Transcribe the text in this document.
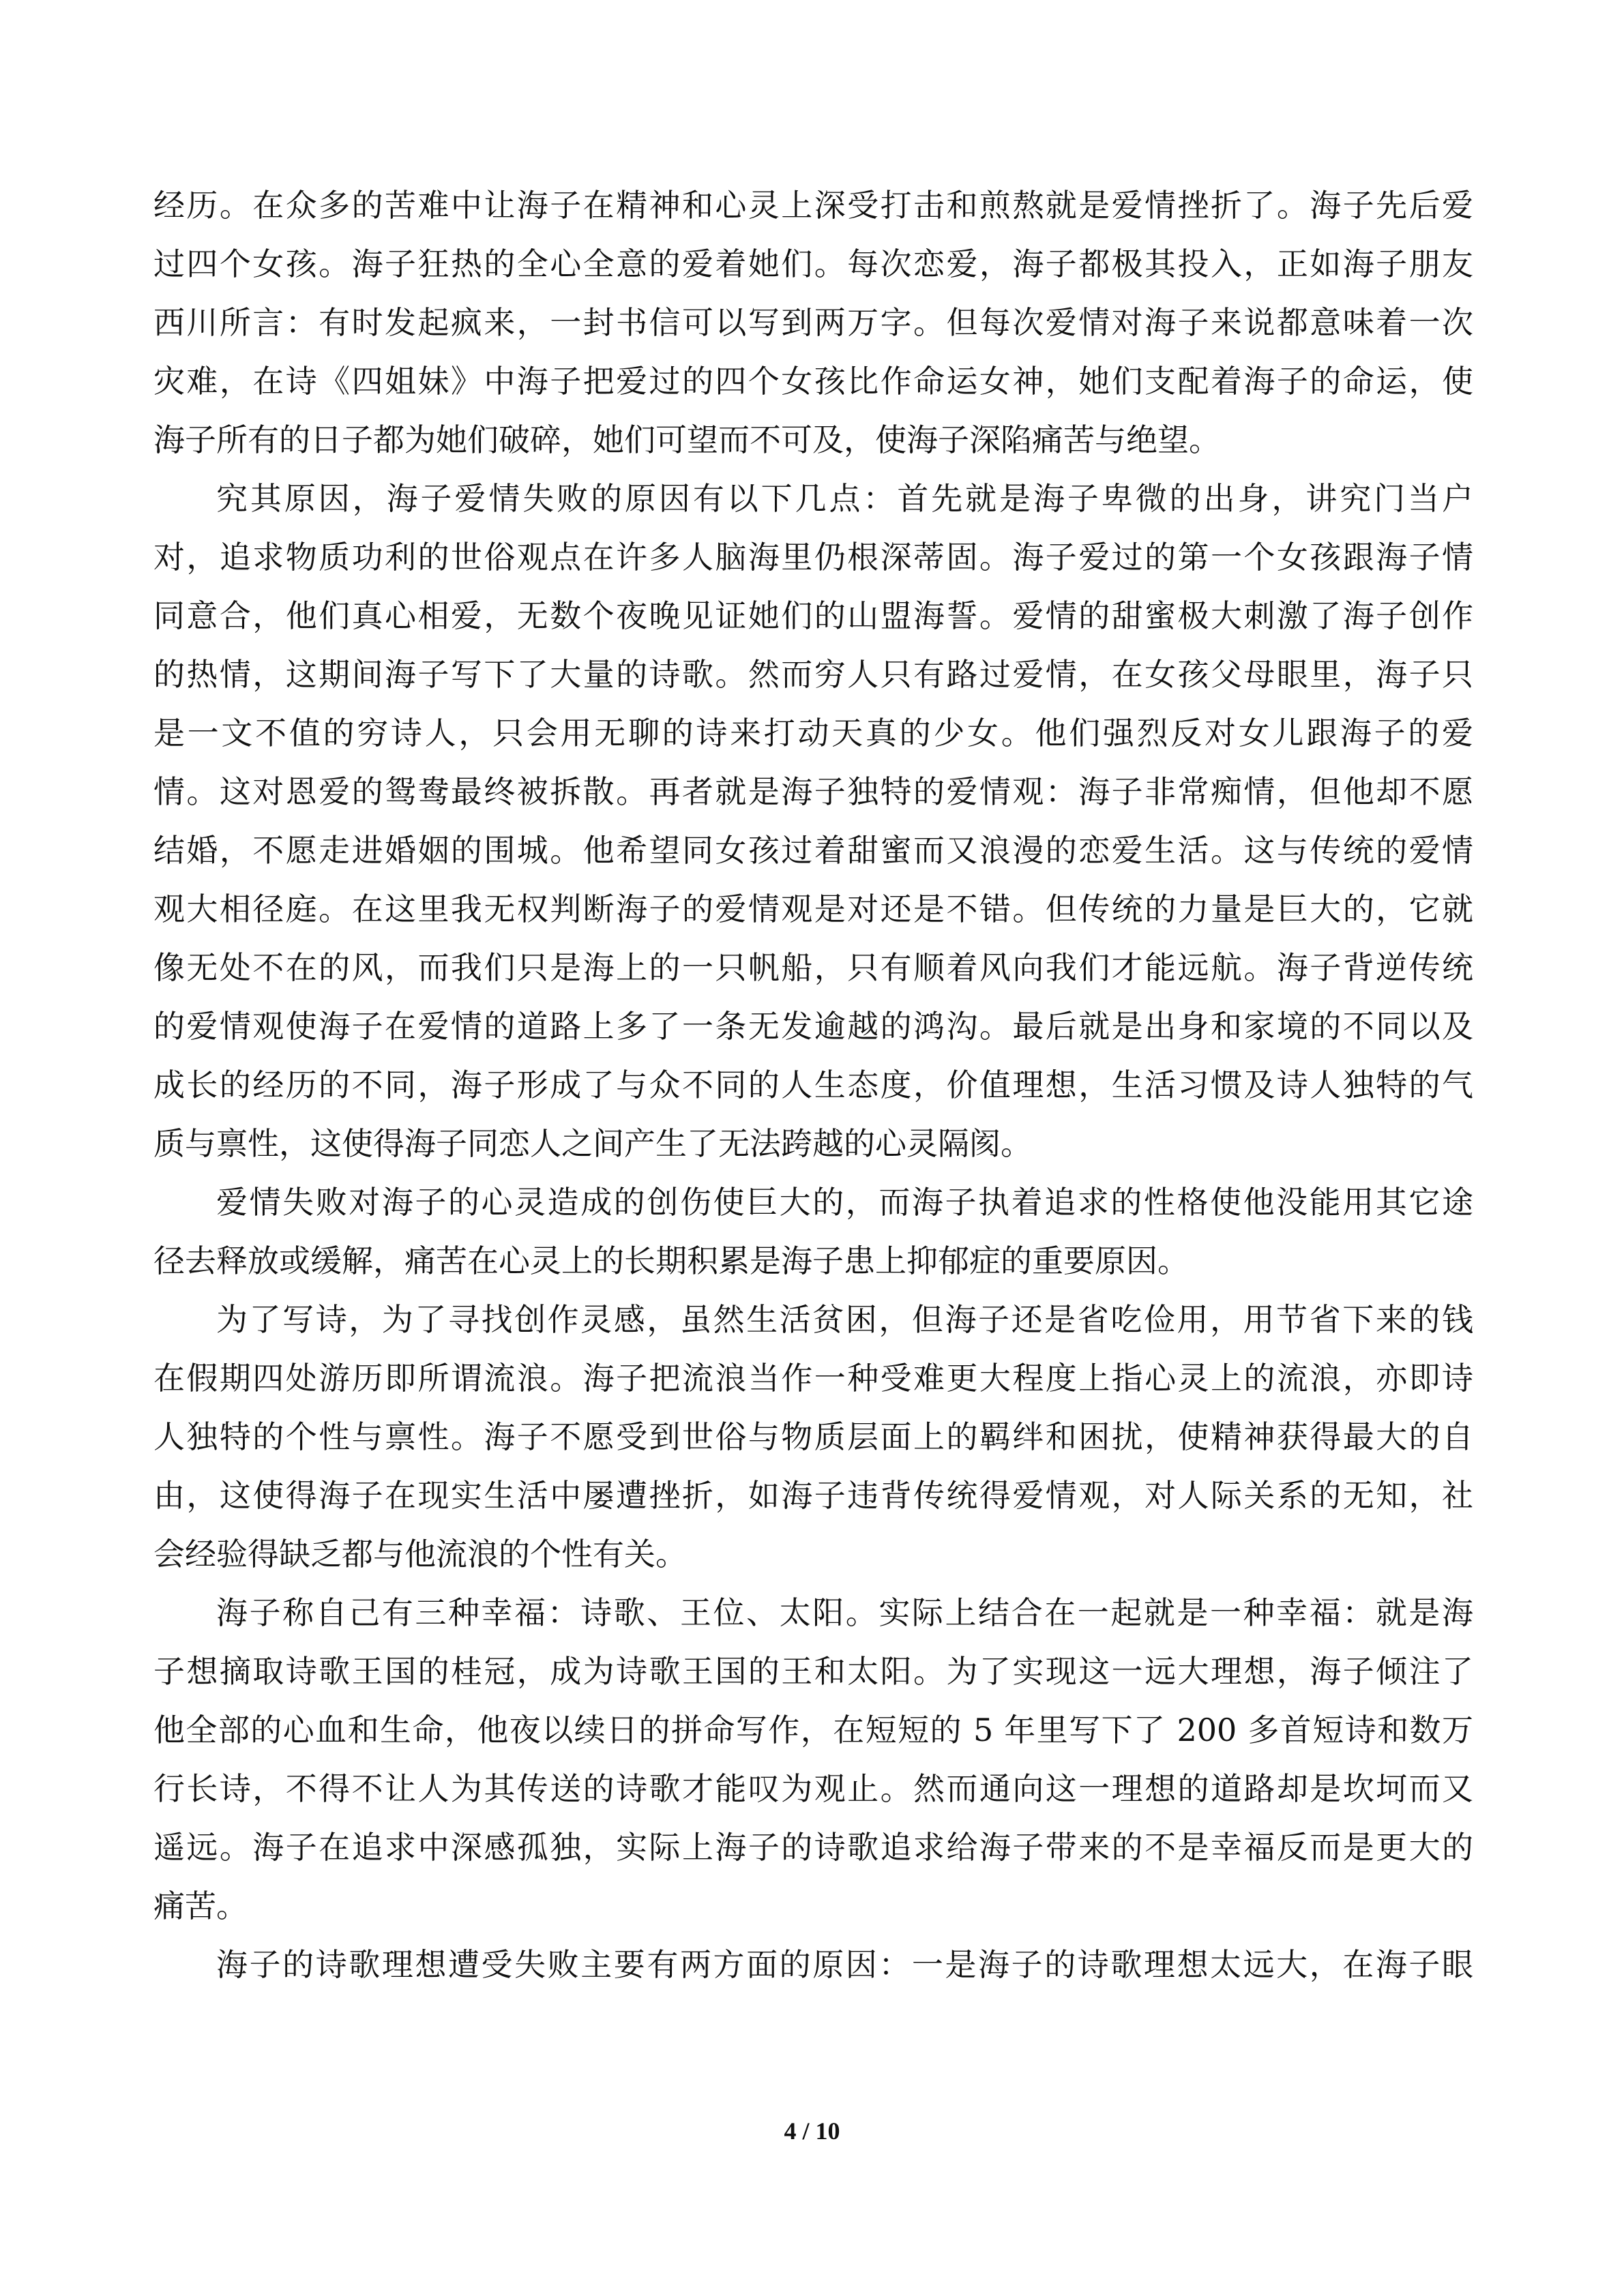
经历。在众多的苦难中让海子在精神和心灵上深受打击和煎熬就是爱情挫折了。海子先后爱
过四个女孩。海子狂热的全心全意的爱着她们。每次恋爱，海子都极其投入，正如海子朋友
西川所言：有时发起疯来，一封书信可以写到两万字。但每次爱情对海子来说都意味着一次
灾难，在诗《四姐妹》中海子把爱过的四个女孩比作命运女神，她们支配着海子的命运，使
海子所有的日子都为她们破碎，她们可望而不可及，使海子深陷痛苦与绝望。
究其原因，海子爱情失败的原因有以下几点：首先就是海子卑微的出身，讲究门当户
对，追求物质功利的世俗观点在许多人脑海里仍根深蒂固。海子爱过的第一个女孩跟海子情
同意合，他们真心相爱，无数个夜晚见证她们的山盟海誓。爱情的甜蜜极大刺激了海子创作
的热情，这期间海子写下了大量的诗歌。然而穷人只有路过爱情，在女孩父母眼里，海子只
是一文不值的穷诗人，只会用无聊的诗来打动天真的少女。他们强烈反对女儿跟海子的爱
情。这对恩爱的鸳鸯最终被拆散。再者就是海子独特的爱情观：海子非常痴情，但他却不愿
结婚，不愿走进婚姻的围城。他希望同女孩过着甜蜜而又浪漫的恋爱生活。这与传统的爱情
观大相径庭。在这里我无权判断海子的爱情观是对还是不错。但传统的力量是巨大的，它就
像无处不在的风，而我们只是海上的一只帆船，只有顺着风向我们才能远航。海子背逆传统
的爱情观使海子在爱情的道路上多了一条无发逾越的鸿沟。最后就是出身和家境的不同以及
成长的经历的不同，海子形成了与众不同的人生态度，价值理想，生活习惯及诗人独特的气
质与禀性，这使得海子同恋人之间产生了无法跨越的心灵隔阂。
爱情失败对海子的心灵造成的创伤使巨大的，而海子执着追求的性格使他没能用其它途
径去释放或缓解，痛苦在心灵上的长期积累是海子患上抑郁症的重要原因。
为了写诗，为了寻找创作灵感，虽然生活贫困，但海子还是省吃俭用，用节省下来的钱
在假期四处游历即所谓流浪。海子把流浪当作一种受难更大程度上指心灵上的流浪，亦即诗
人独特的个性与禀性。海子不愿受到世俗与物质层面上的羁绊和困扰，使精神获得最大的自
由，这使得海子在现实生活中屡遭挫折，如海子违背传统得爱情观，对人际关系的无知，社
会经验得缺乏都与他流浪的个性有关。
海子称自己有三种幸福：诗歌、王位、太阳。实际上结合在一起就是一种幸福：就是海
子想摘取诗歌王国的桂冠，成为诗歌王国的王和太阳。为了实现这一远大理想，海子倾注了
他全部的心血和生命，他夜以续日的拼命写作，在短短的 5 年里写下了 200 多首短诗和数万
行长诗，不得不让人为其传送的诗歌才能叹为观止。然而通向这一理想的道路却是坎坷而又
遥远。海子在追求中深感孤独，实际上海子的诗歌追求给海子带来的不是幸福反而是更大的
痛苦。
海子的诗歌理想遭受失败主要有两方面的原因：一是海子的诗歌理想太远大，在海子眼
4 / 10
